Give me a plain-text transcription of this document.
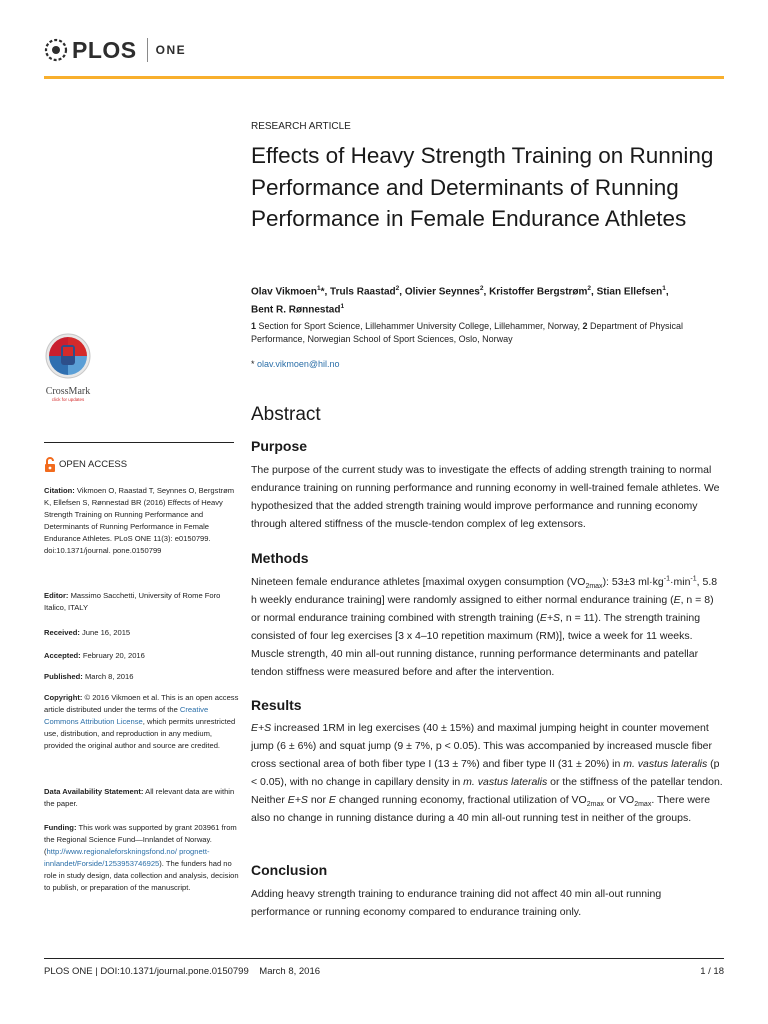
PLOS ONE
RESEARCH ARTICLE
Effects of Heavy Strength Training on Running Performance and Determinants of Running Performance in Female Endurance Athletes
Olav Vikmoen$^1$*, Truls Raastad$^2$, Olivier Seynnes$^2$, Kristoffer Bergstrøm$^2$, Stian Ellefsen$^1$,
Bent R. Rønnestad$^1$
1 Section for Sport Science, Lillehammer University College, Lillehammer, Norway, 2 Department of Physical Performance, Norwegian School of Sport Sciences, Oslo, Norway
* olav.vikmoen@hil.no
CrossMark
click for updates
OPEN ACCESS
Citation: Vikmoen O, Raastad T, Seynnes O, Bergstrøm K, Ellefsen S, Rønnestad BR (2016) Effects of Heavy Strength Training on Running Performance and Determinants of Running Performance in Female Endurance Athletes. PLoS ONE 11(3): e0150799. doi:10.1371/journal. pone.0150799
Editor: Massimo Sacchetti, University of Rome Foro Italico, ITALY
Received: June 16, 2015
Accepted: February 20, 2016
Published: March 8, 2016
Copyright: © 2016 Vikmoen et al. This is an open access article distributed under the terms of the Creative Commons Attribution License, which permits unrestricted use, distribution, and reproduction in any medium, provided the original author and source are credited.
Data Availability Statement: All relevant data are within the paper.
Funding: This work was supported by grant 203961 from the Regional Science Fund—Innlandet of Norway. (http://www.regionaleforskningsfond.no/ prognett-innlandet/Forside/1253953746925). The funders had no role in study design, data collection and analysis, decision to publish, or preparation of the manuscript.
Abstract
Purpose
The purpose of the current study was to investigate the effects of adding strength training to normal endurance training on running performance and running economy in well-trained female athletes. We hypothesized that the added strength training would improve performance and running economy through altered stiffness of the muscle-tendon complex of leg extensors.
Methods
Nineteen female endurance athletes [maximal oxygen consumption $(VO_{2max})$: 53±3 $ml\cdot kg^{-1}\cdot\min^{-1}$, 5.8 h weekly endurance training] were randomly assigned to either normal endurance training (E, n = 8) or normal endurance training combined with strength training (E+S, n = 11). The strength training consisted of four leg exercises [3 x 4–10 repetition maximum (RM)], twice a week for 11 weeks. Muscle strength, 40 min all-out running distance, running performance determinants and patellar tendon stiffness were measured before and after the intervention.
Results
E+S increased 1RM in leg exercises (40 ± 15%) and maximal jumping height in counter movement jump (6 ± 6%) and squat jump (9 ± 7%, p < 0.05). This was accompanied by increased muscle fiber cross sectional area of both fiber type I (13 ± 7%) and fiber type II (31 ± 20%) in m. vastus lateralis (p < 0.05), with no change in capillary density in m. vastus lateralis or the stiffness of the patellar tendon. Neither E+S nor E changed running economy, fractional utilization of $VO_{2max}$ or $VO_{2max}$. There were also no change in running distance during a 40 min all-out running test in neither of the groups.
Conclusion
Adding heavy strength training to endurance training did not affect 40 min all-out running performance or running economy compared to endurance training only.
PLOS ONE | DOI:10.1371/journal.pone.0150799    March 8, 2016	1 / 18
